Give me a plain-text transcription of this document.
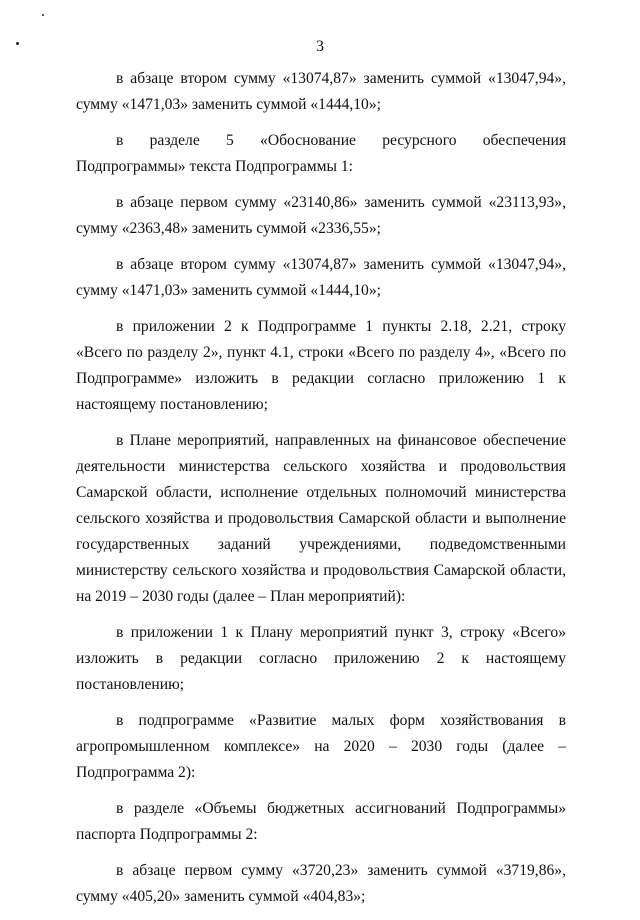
3

в абзаце втором сумму «13074,87» заменить суммой «13047,94», сумму «1471,03» заменить суммой «1444,10»;

в разделе 5 «Обоснование ресурсного обеспечения Подпрограммы» текста Подпрограммы 1:

в абзаце первом сумму «23140,86» заменить суммой «23113,93», сумму «2363,48» заменить суммой «2336,55»;

в абзаце втором сумму «13074,87» заменить суммой «13047,94», сумму «1471,03» заменить суммой «1444,10»;

в приложении 2 к Подпрограмме 1 пункты 2.18, 2.21, строку «Всего по разделу 2», пункт 4.1, строки «Всего по разделу 4», «Всего по Подпрограмме» изложить в редакции согласно приложению 1 к настоящему постановлению;

в Плане мероприятий, направленных на финансовое обеспечение деятельности министерства сельского хозяйства и продовольствия Самарской области, исполнение отдельных полномочий министерства сельского хозяйства и продовольствия Самарской области и выполнение государственных заданий учреждениями, подведомственными министерству сельского хозяйства и продовольствия Самарской области, на 2019 – 2030 годы (далее – План мероприятий):

в приложении 1 к Плану мероприятий пункт 3, строку «Всего» изложить в редакции согласно приложению 2 к настоящему постановлению;

в подпрограмме «Развитие малых форм хозяйствования в агропромышленном комплексе» на 2020 – 2030 годы (далее – Подпрограмма 2):

в разделе «Объемы бюджетных ассигнований Подпрограммы» паспорта Подпрограммы 2:

в абзаце первом сумму «3720,23» заменить суммой «3719,86», сумму «405,20» заменить суммой «404,83»;
